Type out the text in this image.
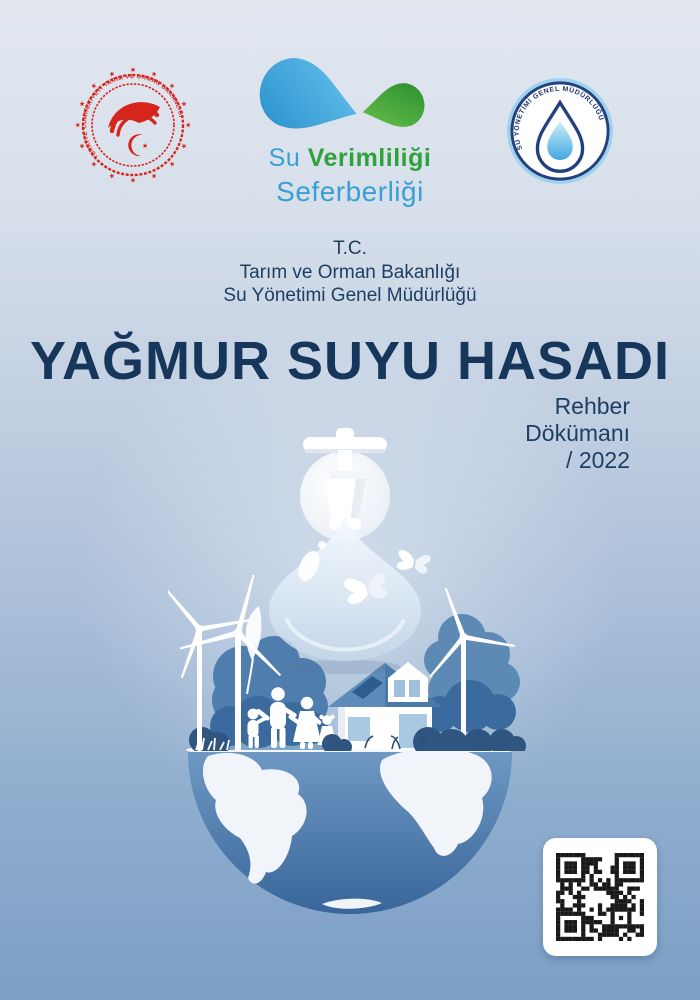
★ ★
★
★
★
★
★
★
★
★
★
★
★
★
★
★
TÜRKİYE CUMHURİYETİ TARIM VE ORMAN BAKANLIĞI
★	Su Verimliliği
Seferberliği
SU YÖNETİMİ GENEL MÜDÜRLÜĞÜ
T.C.
Tarım ve Orman Bakanlığı
Su Yönetimi Genel Müdürlüğü
YAĞMUR SUYU HASADI
Rehber
Dökümanı
/ 2022
